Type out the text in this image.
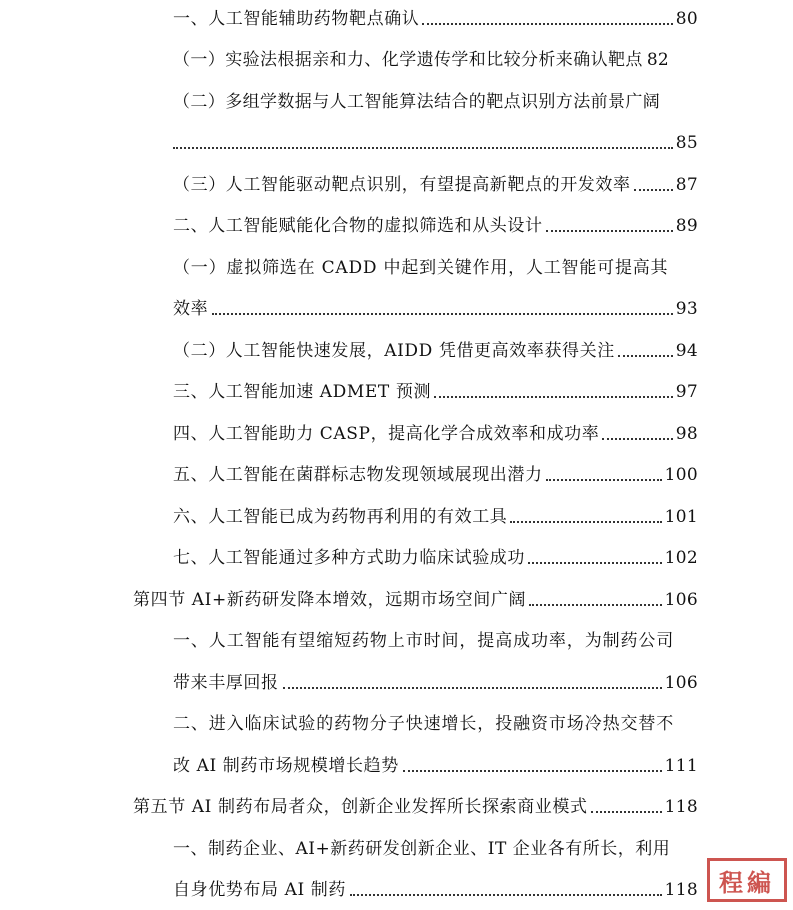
一、人工智能辅助药物靶点确认	80
（一）实验法根据亲和力、化学遗传学和比较分析来确认靶点 82
（二）多组学数据与人工智能算法结合的靶点识别方法前景广阔
85
（三）人工智能驱动靶点识别，有望提高新靶点的开发效率	87
二、人工智能赋能化合物的虚拟筛选和从头设计	89
（一）虚拟筛选在 CADD 中起到关键作用，人工智能可提高其
效率	93
（二）人工智能快速发展，AIDD 凭借更高效率获得关注	94
三、人工智能加速 ADMET 预测	97
四、人工智能助力 CASP，提高化学合成效率和成功率	98
五、人工智能在菌群标志物发现领域展现出潜力	100
六、人工智能已成为药物再利用的有效工具	101
七、人工智能通过多种方式助力临床试验成功	102
第四节 AI+新药研发降本增效，远期市场空间广阔	106
一、人工智能有望缩短药物上市时间，提高成功率，为制药公司
带来丰厚回报	106
二、进入临床试验的药物分子快速增长，投融资市场冷热交替不
改 AI 制药市场规模增长趋势	111
第五节 AI 制药布局者众，创新企业发挥所长探索商业模式	118
一、制药企业、AI+新药研发创新企业、IT 企业各有所长，利用
自身优势布局 AI 制药	118 程編
